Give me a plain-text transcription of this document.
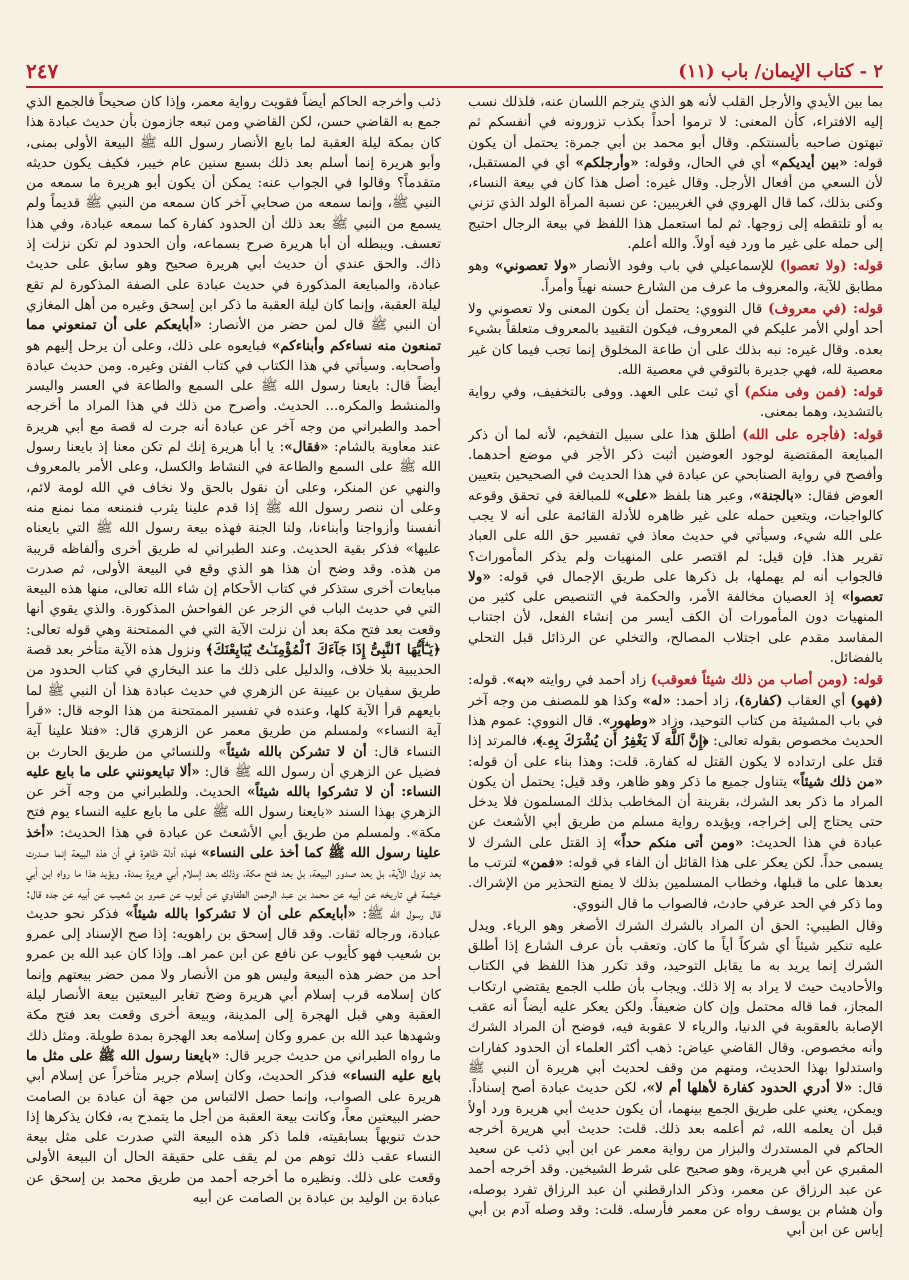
٢ - كتاب الإيمان/ باب (١١)
٢٤٧

بما بين الأيدي والأرجل القلب لأنه هو الذي يترجم اللسان عنه، فلذلك نسب إليه الافتراء، كأن المعنى: لا ترموا أحداً بكذب تزورونه في أنفسكم ثم تبهتون صاحبه بألسنتكم. وقال أبو محمد بن أبي جمرة: يحتمل أن يكون قوله: «بين أيديكم» أي في الحال، وقوله: «وأرجلكم» أي في المستقبل، لأن السعي من أفعال الأرجل. وقال غيره: أصل هذا كان في بيعة النساء، وكنى بذلك، كما قال الهروي في الغريبين: عن نسبة المرأة الولد الذي تزني به أو تلتقطه إلى زوجها. ثم لما استعمل هذا اللفظ في بيعة الرجال احتيج إلى حمله على غير ما ورد فيه أولاً. والله أعلم.

قوله: (ولا تعصوا) للإسماعيلي في باب وفود الأنصار «ولا تعصوني» وهو مطابق للآية، والمعروف ما عرف من الشارع حسنه نهياً وأمراً.

قوله: (في معروف) قال النووي: يحتمل أن يكون المعنى ولا تعصوني ولا أحد أولي الأمر عليكم في المعروف، فيكون التقييد بالمعروف متعلقاً بشيء بعده. وقال غيره: نبه بذلك على أن طاعة المخلوق إنما تجب فيما كان غير معصية لله، فهي جديرة بالتوقي في معصية الله.

قوله: (فمن وفى منكم) أي ثبت على العهد. ووفى بالتخفيف، وفي رواية بالتشديد، وهما بمعنى.

قوله: (فأجره على الله) أطلق هذا على سبيل التفخيم، لأنه لما أن ذكر المبايعة المقتضية لوجود العوضين أثبت ذكر الأجر في موضع أحدهما. وأفصح في رواية الصنابحي عن عبادة في هذا الحديث في الصحيحين بتعيين العوض فقال: «بالجنة»، وعبر هنا بلفظ «على» للمبالغة في تحقق وقوعه كالواجبات، ويتعين حمله على غير ظاهره للأدلة القائمة على أنه لا يجب على الله شيء، وسيأتي في حديث معاذ في تفسير حق الله على العباد تقرير هذا. فإن قيل: لم اقتصر على المنهيات ولم يذكر المأمورات؟ فالجواب أنه لم يهملها، بل ذكرها على طريق الإجمال في قوله: «ولا تعصوا» إذ العصيان مخالفة الأمر، والحكمة في التنصيص على كثير من المنهيات دون المأمورات أن الكف أيسر من إنشاء الفعل، لأن اجتناب المفاسد مقدم على اجتلاب المصالح، والتخلي عن الرذائل قبل التحلي بالفضائل.

قوله: (ومن أصاب من ذلك شيئاً فعوقب) زاد أحمد في روايته «به». قوله: (فهو) أي العقاب (كفارة)، زاد أحمد: «له» وكذا هو للمصنف من وجه آخر في باب المشيئة من كتاب التوحيد، وزاد «وطهور». قال النووي: عموم هذا الحديث مخصوص بقوله تعالى: ﴿إِنَّ ٱللَّهَ لَا يَغْفِرُ أَن يُشْرَكَ بِهِۦ﴾، فالمرتد إذا قتل على ارتداده لا يكون القتل له كفارة. قلت: وهذا بناء على أن قوله: «من ذلك شيئاً» يتناول جميع ما ذكر وهو ظاهر، وقد قيل: يحتمل أن يكون المراد ما ذكر بعد الشرك، بقرينة أن المخاطب بذلك المسلمون فلا يدخل حتى يحتاج إلى إخراجه، ويؤيده رواية مسلم من طريق أبي الأشعث عن عبادة في هذا الحديث: «ومن أتى منكم حداً» إذ القتل على الشرك لا يسمى حداً. لكن يعكر على هذا القائل أن الفاء في قوله: «فمن» لترتب ما بعدها على ما قبلها، وخطاب المسلمين بذلك لا يمنع التحذير من الإشراك. وما ذكر في الحد عرفي حادث، فالصواب ما قال النووي.

وقال الطيبي: الحق أن المراد بالشرك الشرك الأصغر وهو الرياء. ويدل عليه تنكير شيئاً أي شركاً أياً ما كان. وتعقب بأن عرف الشارع إذا أطلق الشرك إنما يريد به ما يقابل التوحيد، وقد تكرر هذا اللفظ في الكتاب والأحاديث حيث لا يراد به إلا ذلك. ويجاب بأن طلب الجمع يقتضي ارتكاب المجاز، فما قاله محتمل وإن كان ضعيفاً. ولكن يعكر عليه أيضاً أنه عقب الإصابة بالعقوبة في الدنيا، والرياء لا عقوبة فيه، فوضح أن المراد الشرك وأنه مخصوص. وقال القاضي عياض: ذهب أكثر العلماء أن الحدود كفارات واستدلوا بهذا الحديث، ومنهم من وقف لحديث أبي هريرة أن النبي ﷺ قال: «لا أدري الحدود كفارة لأهلها أم لا»، لكن حديث عبادة أصح إسناداً. ويمكن، يعني على طريق الجمع بينهما، أن يكون حديث أبي هريرة ورد أولاً قبل أن يعلمه الله، ثم أعلمه بعد ذلك. قلت: حديث أبي هريرة أخرجه الحاكم في المستدرك والبزار من رواية معمر عن ابن أبي ذئب عن سعيد المقبري عن أبي هريرة، وهو صحيح على شرط الشيخين. وقد أخرجه أحمد عن عبد الرزاق عن معمر، وذكر الدارقطني أن عبد الرزاق تفرد بوصله، وأن هشام بن يوسف رواه عن معمر فأرسله. قلت: وقد وصله آدم بن أبي إياس عن ابن أبي

ذئب وأخرجه الحاكم أيضاً فقويت رواية معمر، وإذا كان صحيحاً فالجمع الذي جمع به القاضي حسن، لكن القاضي ومن تبعه جازمون بأن حديث عبادة هذا كان بمكة ليلة العقبة لما بايع الأنصار رسول الله ﷺ البيعة الأولى بمنى، وأبو هريرة إنما أسلم بعد ذلك بسبع سنين عام خيبر، فكيف يكون حديثه متقدماً؟ وقالوا في الجواب عنه: يمكن أن يكون أبو هريرة ما سمعه من النبي ﷺ، وإنما سمعه من صحابي آخر كان سمعه من النبي ﷺ قديماً ولم يسمع من النبي ﷺ بعد ذلك أن الحدود كفارة كما سمعه عبادة، وفي هذا تعسف. ويبطله أن أبا هريرة صرح بسماعه، وأن الحدود لم تكن نزلت إذ ذاك. والحق عندي أن حديث أبي هريرة صحيح وهو سابق على حديث عبادة، والمبايعة المذكورة في حديث عبادة على الصفة المذكورة لم تقع ليلة العقبة، وإنما كان ليلة العقبة ما ذكر ابن إسحق وغيره من أهل المغازي أن النبي ﷺ قال لمن حضر من الأنصار: «أبايعكم على أن تمنعوني مما تمنعون منه نساءكم وأبناءكم» فبايعوه على ذلك، وعلى أن يرحل إليهم هو وأصحابه. وسيأتي في هذا الكتاب في كتاب الفتن وغيره. ومن حديث عبادة أيضاً قال: بايعنا رسول الله ﷺ على السمع والطاعة في العسر واليسر والمنشط والمكره... الحديث. وأصرح من ذلك في هذا المراد ما أخرجه أحمد والطبراني من وجه آخر عن عبادة أنه جرت له قصة مع أبي هريرة عند معاوية بالشام: «فقال»: يا أبا هريرة إنك لم تكن معنا إذ بايعنا رسول الله ﷺ على السمع والطاعة في النشاط والكسل، وعلى الأمر بالمعروف والنهي عن المنكر، وعلى أن نقول بالحق ولا نخاف في الله لومة لائم، وعلى أن ننصر رسول الله ﷺ إذا قدم علينا يثرب فنمنعه مما نمنع منه أنفسنا وأزواجنا وأبناءنا، ولنا الجنة فهذه بيعة رسول الله ﷺ التي بايعناه عليها» فذكر بقية الحديث. وعند الطبراني له طريق أخرى وألفاظه قريبة من هذه. وقد وضح أن هذا هو الذي وقع في البيعة الأولى، ثم صدرت مبايعات أخرى ستذكر في كتاب الأحكام إن شاء الله تعالى، منها هذه البيعة التي في حديث الباب في الزجر عن الفواحش المذكورة. والذي يقوي أنها وقعت بعد فتح مكة بعد أن نزلت الآية التي في الممتحنة وهي قوله تعالى: ﴿يَـٰٓأَيُّهَا ٱلنَّبِىُّ إِذَا جَآءَكَ ٱلْمُؤْمِنَـٰتُ يُبَايِعْنَكَ﴾ ونزول هذه الآية متأخر بعد قصة الحديبية بلا خلاف، والدليل على ذلك ما عند البخاري في كتاب الحدود من طريق سفيان بن عيينة عن الزهري في حديث عبادة هذا أن النبي ﷺ لما بايعهم قرأ الآية كلها، وعنده في تفسير الممتحنة من هذا الوجه قال: «قرأ آية النساء» ولمسلم من طريق معمر عن الزهري قال: «فتلا علينا آية النساء قال: أن لا تشركن بالله شيئاً» وللنسائي من طريق الحارث بن فضيل عن الزهري أن رسول الله ﷺ قال: «ألا تبايعونني على ما بايع عليه النساء: أن لا تشركوا بالله شيئاً» الحديث. وللطبراني من وجه آخر عن الزهري بهذا السند «بايعنا رسول الله ﷺ على ما بايع عليه النساء يوم فتح مكة». ولمسلم من طريق أبي الأشعث عن عبادة في هذا الحديث: «أخذ علينا رسول الله ﷺ كما أخذ على النساء» فهذه أدلة ظاهرة في أن هذه البيعة إنما صدرت بعد نزول الآية، بل بعد صدور البيعة، بل بعد فتح مكة، وذلك بعد إسلام أبي هريرة بمدة. ويؤيد هذا ما رواه ابن أبي خيثمة في تاريخه عن أبيه عن محمد بن عبد الرحمن الطفاوي عن أيوب عن عمرو بن شعيب عن أبيه عن جده قال: قال رسول الله ﷺ: «أبايعكم على أن لا تشركوا بالله شيئاً» فذكر نحو حديث عبادة، ورجاله ثقات. وقد قال إسحق بن راهويه: إذا صح الإسناد إلى عمرو بن شعيب فهو كأيوب عن نافع عن ابن عمر اهـ. وإذا كان عبد الله بن عمرو أحد من حضر هذه البيعة وليس هو من الأنصار ولا ممن حضر بيعتهم وإنما كان إسلامه قرب إسلام أبي هريرة وضح تغاير البيعتين بيعة الأنصار ليلة العقبة وهي قبل الهجرة إلى المدينة، وبيعة أخرى وقعت بعد فتح مكة وشهدها عبد الله بن عمرو وكان إسلامه بعد الهجرة بمدة طويلة. ومثل ذلك ما رواه الطبراني من حديث جرير قال: «بايعنا رسول الله ﷺ على مثل ما بايع عليه النساء» فذكر الحديث، وكان إسلام جرير متأخراً عن إسلام أبي هريرة على الصواب، وإنما حصل الالتباس من جهة أن عبادة بن الصامت حضر البيعتين معاً، وكانت بيعة العقبة من أجل ما يتمدح به، فكان يذكرها إذا حدث تنويهاً بسابقيته، فلما ذكر هذه البيعة التي صدرت على مثل بيعة النساء عقب ذلك توهم من لم يقف على حقيقة الحال أن البيعة الأولى وقعت على ذلك. ونظيره ما أخرجه أحمد من طريق محمد بن إسحق عن عبادة بن الوليد بن عبادة بن الصامت عن أبيه
